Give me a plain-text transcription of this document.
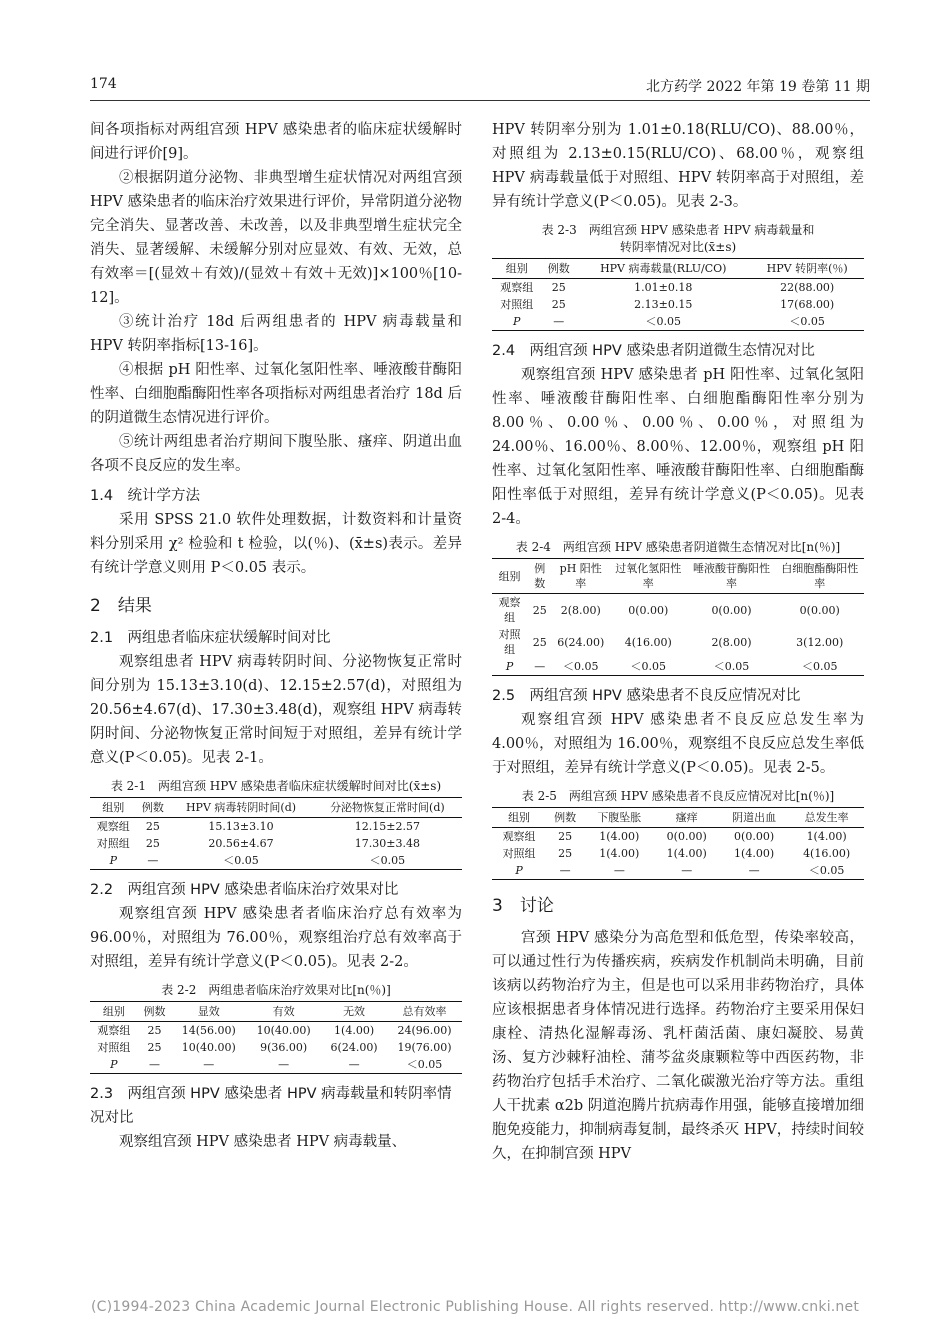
174	北方药学 2022 年第 19 卷第 11 期

间各项指标对两组宫颈 HPV 感染患者的临床症状缓解时间进行评价[9]。

②根据阴道分泌物、非典型增生症状情况对两组宫颈 HPV 感染患者的临床治疗效果进行评价，异常阴道分泌物完全消失、显著改善、未改善，以及非典型增生症状完全消失、显著缓解、未缓解分别对应显效、有效、无效，总有效率＝[(显效＋有效)/(显效＋有效＋无效)]×100％[10-12]。

③统计治疗 18d 后两组患者的 HPV 病毒载量和 HPV 转阴率指标[13-16]。

④根据 pH 阳性率、过氧化氢阳性率、唾液酸苷酶阳性率、白细胞酯酶阳性率各项指标对两组患者治疗 18d 后的阴道微生态情况进行评价。

⑤统计两组患者治疗期间下腹坠胀、瘙痒、阴道出血各项不良反应的发生率。

1.4　统计学方法

采用 SPSS 21.0 软件处理数据，计数资料和计量资料分别采用 χ² 检验和 t 检验，以(％)、(x̄±s)表示。差异有统计学意义则用 P＜0.05 表示。

2　结果
2.1　两组患者临床症状缓解时间对比

观察组患者 HPV 病毒转阴时间、分泌物恢复正常时间分别为 15.13±3.10(d)、12.15±2.57(d)，对照组为 20.56±4.67(d)、17.30±3.48(d)，观察组 HPV 病毒转阴时间、分泌物恢复正常时间短于对照组，差异有统计学意义(P＜0.05)。见表 2-1。

表 2-1　两组宫颈 HPV 感染患者临床症状缓解时间对比(x̄±s)
组别	例数	HPV 病毒转阴时间(d)	分泌物恢复正常时间(d)
观察组	25	15.13±3.10	12.15±2.57
对照组	25	20.56±4.67	17.30±3.48
P	—	＜0.05	＜0.05
2.2　两组宫颈 HPV 感染患者临床治疗效果对比

观察组宫颈 HPV 感染患者者临床治疗总有效率为 96.00％，对照组为 76.00％，观察组治疗总有效率高于对照组，差异有统计学意义(P＜0.05)。见表 2-2。

表 2-2　两组患者临床治疗效果对比[n(％)]
组别	例数	显效	有效	无效	总有效率
观察组	25	14(56.00)	10(40.00)	1(4.00)	24(96.00)
对照组	25	10(40.00)	9(36.00)	6(24.00)	19(76.00)
P	—	—	—	—	＜0.05
2.3　两组宫颈 HPV 感染患者 HPV 病毒载量和转阴率情况对比

观察组宫颈 HPV 感染患者 HPV 病毒载量、

HPV 转阴率分别为 1.01±0.18(RLU/CO)、88.00％，对照组为 2.13±0.15(RLU/CO)、68.00％，观察组 HPV 病毒载量低于对照组、HPV 转阴率高于对照组，差异有统计学意义(P＜0.05)。见表 2-3。

表 2-3　两组宫颈 HPV 感染患者 HPV 病毒载量和
转阴率情况对比(x̄±s)
组别	例数	HPV 病毒载量(RLU/CO)	HPV 转阴率(％)
观察组	25	1.01±0.18	22(88.00)
对照组	25	2.13±0.15	17(68.00)
P	—	＜0.05	＜0.05
2.4　两组宫颈 HPV 感染患者阴道微生态情况对比

观察组宫颈 HPV 感染患者 pH 阳性率、过氧化氢阳性率、唾液酸苷酶阳性率、白细胞酯酶阳性率分别为 8.00％、0.00％、0.00％、0.00％，对照组为 24.00％、16.00％、8.00％、12.00％，观察组 pH 阳性率、过氧化氢阳性率、唾液酸苷酶阳性率、白细胞酯酶阳性率低于对照组，差异有统计学意义(P＜0.05)。见表 2-4。

表 2-4　两组宫颈 HPV 感染患者阴道微生态情况对比[n(％)]
组别	例数	pH 阳性率	过氧化氢阳性率	唾液酸苷酶阳性率	白细胞酯酶阳性率
观察组	25	2(8.00)	0(0.00)	0(0.00)	0(0.00)
对照组	25	6(24.00)	4(16.00)	2(8.00)	3(12.00)
P	—	＜0.05	＜0.05	＜0.05	＜0.05
2.5　两组宫颈 HPV 感染患者不良反应情况对比

观察组宫颈 HPV 感染患者不良反应总发生率为 4.00％，对照组为 16.00％，观察组不良反应总发生率低于对照组，差异有统计学意义(P＜0.05)。见表 2-5。

表 2-5　两组宫颈 HPV 感染患者不良反应情况对比[n(％)]
组别	例数	下腹坠胀	瘙痒	阴道出血	总发生率
观察组	25	1(4.00)	0(0.00)	0(0.00)	1(4.00)
对照组	25	1(4.00)	1(4.00)	1(4.00)	4(16.00)
P	—	—	—	—	＜0.05
3　讨论

宫颈 HPV 感染分为高危型和低危型，传染率较高，可以通过性行为传播疾病，疾病发作机制尚未明确，目前该病以药物治疗为主，但是也可以采用非药物治疗，具体应该根据患者身体情况进行选择。药物治疗主要采用保妇康栓、清热化湿解毒汤、乳杆菌活菌、康妇凝胶、易黄汤、复方沙棘籽油栓、蒲芩盆炎康颗粒等中西医药物，非药物治疗包括手术治疗、二氧化碳激光治疗等方法。重组人干扰素 α2b 阴道泡腾片抗病毒作用强，能够直接增加细胞免疫能力，抑制病毒复制，最终杀灭 HPV，持续时间较久，在抑制宫颈 HPV

(C)1994-2023 China Academic Journal Electronic Publishing House. All rights reserved. http://www.cnki.net
